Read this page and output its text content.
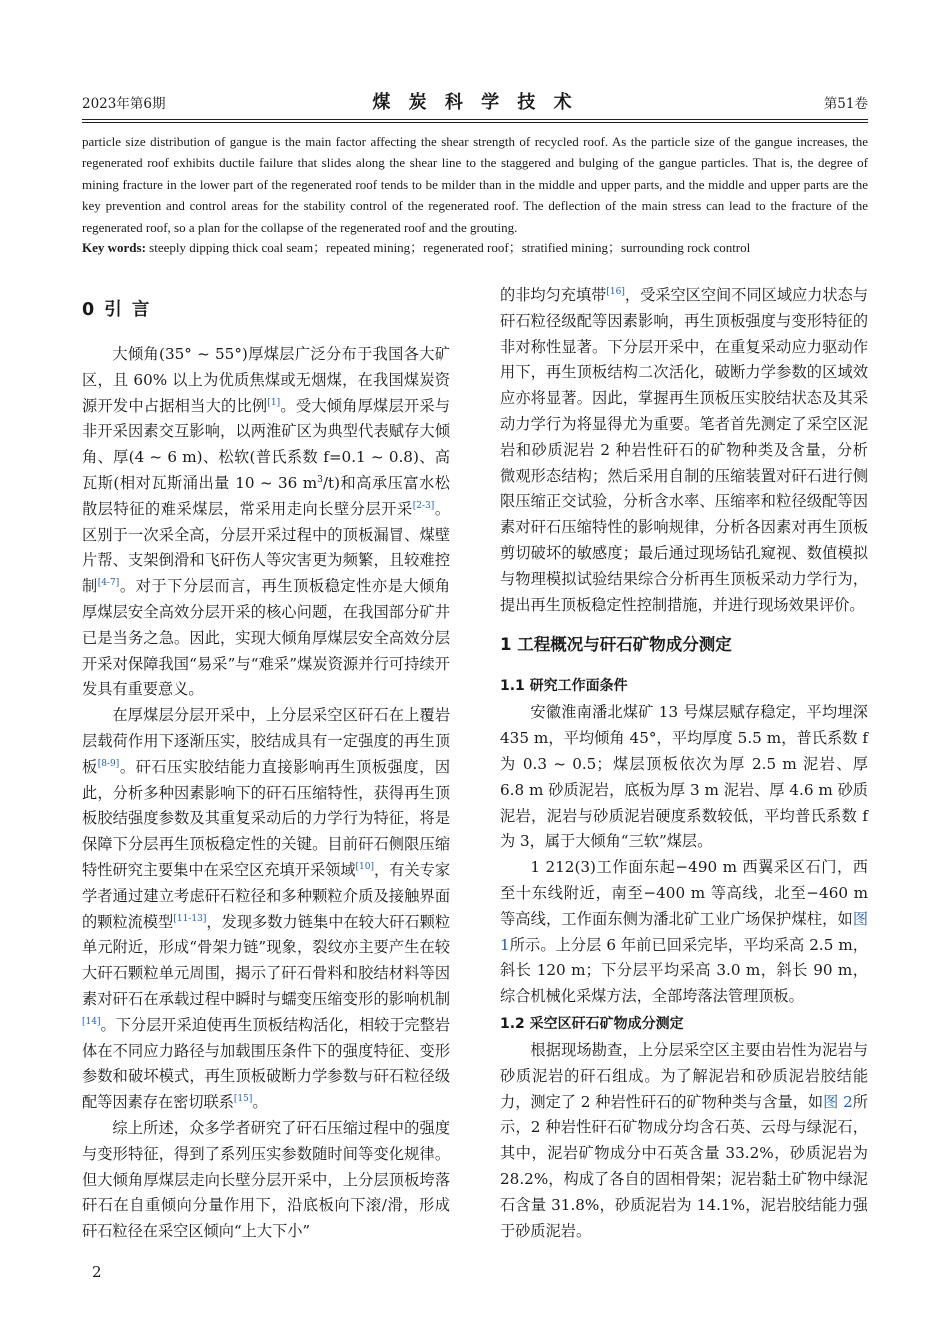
2023年第6期	煤 炭 科 学 技 术	第51卷
particle size distribution of gangue is the main factor affecting the shear strength of recycled roof. As the particle size of the gangue increases, the regenerated roof exhibits ductile failure that slides along the shear line to the staggered and bulging of the gangue particles. That is, the degree of mining fracture in the lower part of the regenerated roof tends to be milder than in the middle and upper parts, and the middle and upper parts are the key prevention and control areas for the stability control of the regenerated roof. The deflection of the main stress can lead to the fracture of the regenerated roof, so a plan for the collapse of the regenerated roof and the grouting.
Key words: steeply dipping thick coal seam；repeated mining；regenerated roof；stratified mining；surrounding rock control
0 引 言

大倾角(35° ~ 55°)厚煤层广泛分布于我国各大矿区，且 60% 以上为优质焦煤或无烟煤，在我国煤炭资源开发中占据相当大的比例[1]。受大倾角厚煤层开采与非开采因素交互影响，以两淮矿区为典型代表赋存大倾角、厚(4 ~ 6 m)、松软(普氏系数 f=0.1 ~ 0.8)、高瓦斯(相对瓦斯涌出量 10 ~ 36 $m^3/t$)和高承压富水松散层特征的难采煤层，常采用走向长壁分层开采[2-3]。区别于一次采全高，分层开采过程中的顶板漏冒、煤壁片帮、支架倒滑和飞矸伤人等灾害更为频繁，且较难控制[4-7]。对于下分层而言，再生顶板稳定性亦是大倾角厚煤层安全高效分层开采的核心问题，在我国部分矿井已是当务之急。因此，实现大倾角厚煤层安全高效分层开采对保障我国“易采”与“难采”煤炭资源并行可持续开发具有重要意义。

在厚煤层分层开采中，上分层采空区矸石在上覆岩层载荷作用下逐渐压实，胶结成具有一定强度的再生顶板[8-9]。矸石压实胶结能力直接影响再生顶板强度，因此，分析多种因素影响下的矸石压缩特性，获得再生顶板胶结强度参数及其重复采动后的力学行为特征，将是保障下分层再生顶板稳定性的关键。目前矸石侧限压缩特性研究主要集中在采空区充填开采领域[10]，有关专家学者通过建立考虑矸石粒径和多种颗粒介质及接触界面的颗粒流模型[11-13]，发现多数力链集中在较大矸石颗粒单元附近，形成“骨架力链”现象，裂纹亦主要产生在较大矸石颗粒单元周围，揭示了矸石骨料和胶结材料等因素对矸石在承载过程中瞬时与蠕变压缩变形的影响机制[14]。下分层开采迫使再生顶板结构活化，相较于完整岩体在不同应力路径与加载围压条件下的强度特征、变形参数和破坏模式，再生顶板破断力学参数与矸石粒径级配等因素存在密切联系[15]。

综上所述，众多学者研究了矸石压缩过程中的强度与变形特征，得到了系列压实参数随时间等变化规律。但大倾角厚煤层走向长壁分层开采中，上分层顶板垮落矸石在自重倾向分量作用下，沿底板向下滚/滑，形成矸石粒径在采空区倾向“上大下小”

的非均匀充填带[16]，受采空区空间不同区域应力状态与矸石粒径级配等因素影响，再生顶板强度与变形特征的非对称性显著。下分层开采中，在重复采动应力驱动作用下，再生顶板结构二次活化，破断力学参数的区域效应亦将显著。因此，掌握再生顶板压实胶结状态及其采动力学行为将显得尤为重要。笔者首先测定了采空区泥岩和砂质泥岩 2 种岩性矸石的矿物种类及含量，分析微观形态结构；然后采用自制的压缩装置对矸石进行侧限压缩正交试验，分析含水率、压缩率和粒径级配等因素对矸石压缩特性的影响规律，分析各因素对再生顶板剪切破坏的敏感度；最后通过现场钻孔窥视、数值模拟与物理模拟试验结果综合分析再生顶板采动力学行为，提出再生顶板稳定性控制措施，并进行现场效果评价。

1 工程概况与矸石矿物成分测定
1.1 研究工作面条件

安徽淮南潘北煤矿 13 号煤层赋存稳定，平均埋深 435 m，平均倾角 45°，平均厚度 5.5 m，普氏系数 f 为 0.3 ~ 0.5；煤层顶板依次为厚 2.5 m 泥岩、厚 6.8 m 砂质泥岩，底板为厚 3 m 泥岩、厚 4.6 m 砂质泥岩，泥岩与砂质泥岩硬度系数较低，平均普氏系数 f 为 3，属于大倾角“三软”煤层。

1 212(3)工作面东起−490 m 西翼采区石门，西至十东线附近，南至−400 m 等高线，北至−460 m 等高线，工作面东侧为潘北矿工业广场保护煤柱，如图 1所示。上分层 6 年前已回采完毕，平均采高 2.5 m，斜长 120 m；下分层平均采高 3.0 m，斜长 90 m，综合机械化采煤方法，全部垮落法管理顶板。

1.2 采空区矸石矿物成分测定

根据现场勘查，上分层采空区主要由岩性为泥岩与砂质泥岩的矸石组成。为了解泥岩和砂质泥岩胶结能力，测定了 2 种岩性矸石的矿物种类与含量，如图 2所示，2 种岩性矸石矿物成分均含石英、云母与绿泥石，其中，泥岩矿物成分中石英含量 33.2%，砂质泥岩为 28.2%，构成了各自的固相骨架；泥岩黏土矿物中绿泥石含量 31.8%，砂质泥岩为 14.1%，泥岩胶结能力强于砂质泥岩。

2
